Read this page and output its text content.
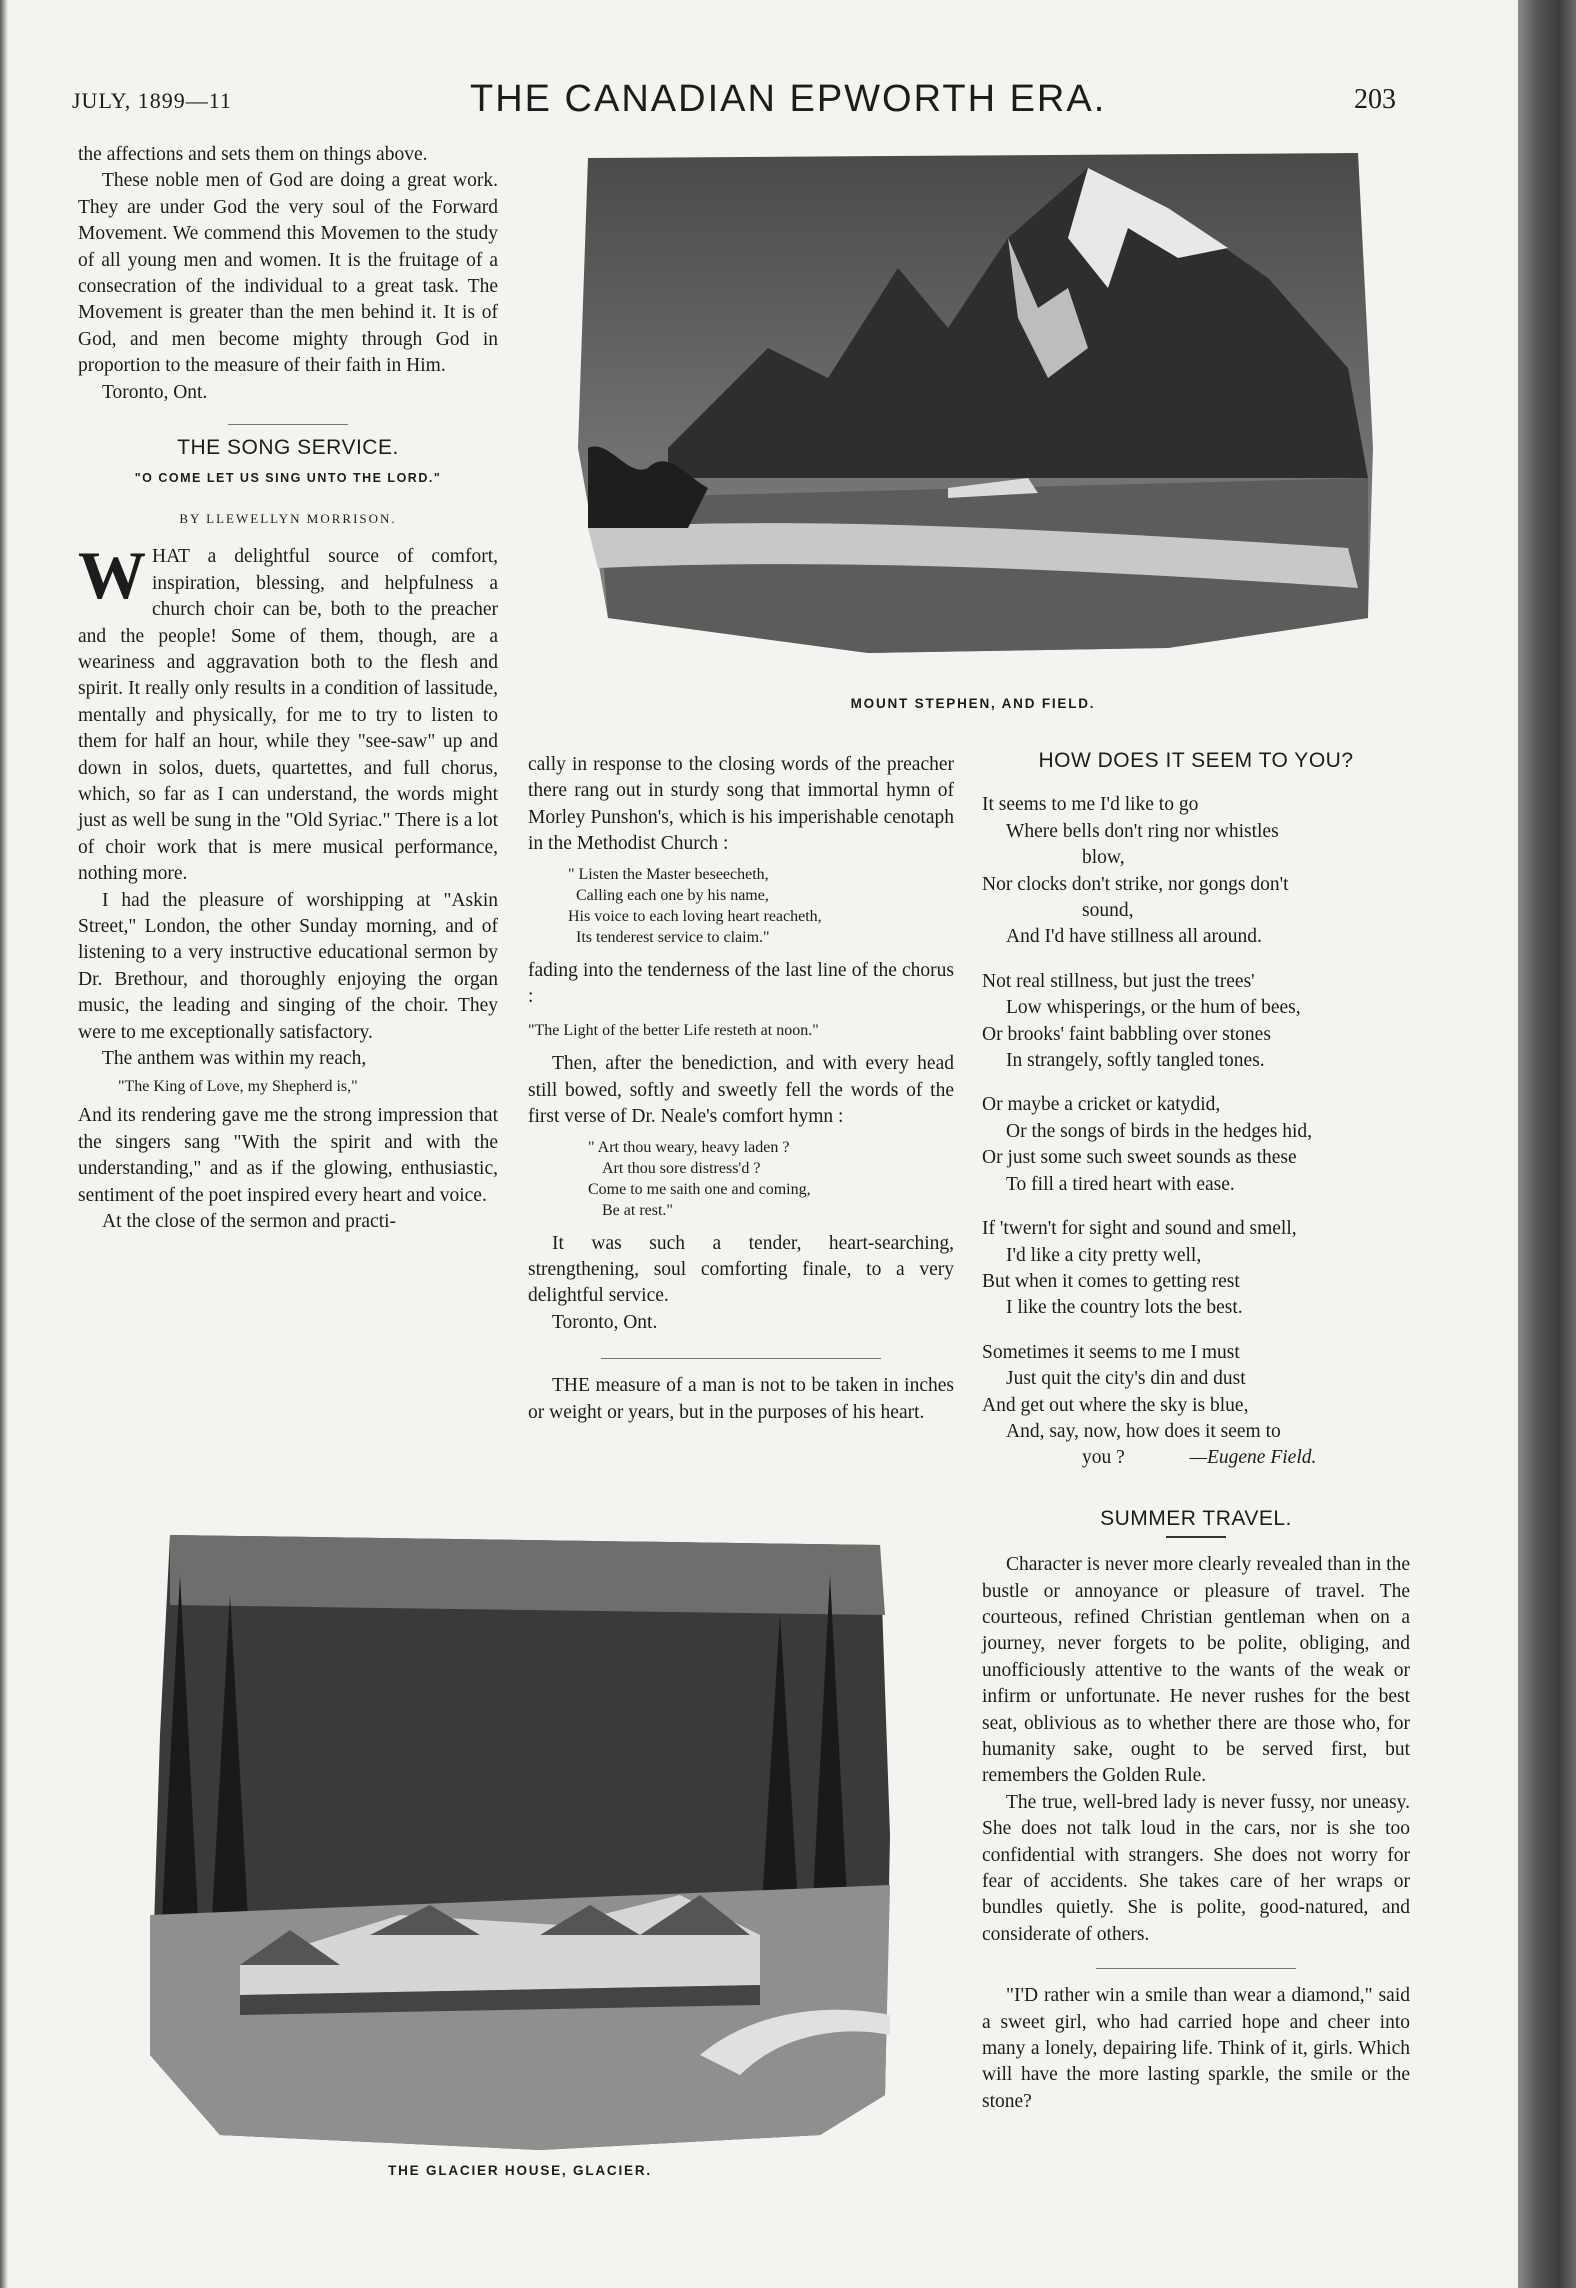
JULY, 1899—11	THE CANADIAN EPWORTH ERA.	203

the affections and sets them on things above.

These noble men of God are doing a great work. They are under God the very soul of the Forward Movement. We commend this Movemen to the study of all young men and women. It is the fruitage of a consecration of the individual to a great task. The Movement is greater than the men behind it. It is of God, and men become mighty through God in proportion to the measure of their faith in Him.

Toronto, Ont.

THE SONG SERVICE.
"O COME LET US SING UNTO THE LORD."
BY LLEWELLYN MORRISON.

WHAT a delightful source of comfort, inspiration, blessing, and helpfulness a church choir can be, both to the preacher and the people! Some of them, though, are a weariness and aggravation both to the flesh and spirit. It really only results in a condition of lassitude, mentally and physically, for me to try to listen to them for half an hour, while they "see-saw" up and down in solos, duets, quartettes, and full chorus, which, so far as I can understand, the words might just as well be sung in the "Old Syriac." There is a lot of choir work that is mere musical performance, nothing more.

I had the pleasure of worshipping at "Askin Street," London, the other Sunday morning, and of listening to a very instructive educational sermon by Dr. Brethour, and thoroughly enjoying the organ music, the leading and singing of the choir. They were to me exceptionally satisfactory.

The anthem was within my reach,

"The King of Love, my Shepherd is,"

And its rendering gave me the strong impression that the singers sang "With the spirit and with the understanding," and as if the glowing, enthusiastic, sentiment of the poet inspired every heart and voice.

At the close of the sermon and practi-

MOUNT STEPHEN, AND FIELD.

cally in response to the closing words of the preacher there rang out in sturdy song that immortal hymn of Morley Punshon's, which is his imperishable cenotaph in the Methodist Church :

" Listen the Master beseecheth,
Calling each one by his name,
His voice to each loving heart reacheth,
Its tenderest service to claim."

fading into the tenderness of the last line of the chorus :

"The Light of the better Life resteth at noon."

Then, after the benediction, and with every head still bowed, softly and sweetly fell the words of the first verse of Dr. Neale's comfort hymn :

" Art thou weary, heavy laden ?
Art thou sore distress'd ?
Come to me saith one and coming,
Be at rest."

It was such a tender, heart-searching, strengthening, soul comforting finale, to a very delightful service.

Toronto, Ont.

THE measure of a man is not to be taken in inches or weight or years, but in the purposes of his heart.

HOW DOES IT SEEM TO YOU?
It seems to me I'd like to go
Where bells don't ring nor whistles
blow,
Nor clocks don't strike, nor gongs don't
sound,
And I'd have stillness all around.
Not real stillness, but just the trees'
Low whisperings, or the hum of bees,
Or brooks' faint babbling over stones
In strangely, softly tangled tones.
Or maybe a cricket or katydid,
Or the songs of birds in the hedges hid,
Or just some such sweet sounds as these
To fill a tired heart with ease.
If 'twern't for sight and sound and smell,
I'd like a city pretty well,
But when it comes to getting rest
I like the country lots the best.
Sometimes it seems to me I must
Just quit the city's din and dust
And get out where the sky is blue,
And, say, now, how does it seem to
you ?	—Eugene Field.
SUMMER TRAVEL.

Character is never more clearly revealed than in the bustle or annoyance or pleasure of travel. The courteous, refined Christian gentleman when on a journey, never forgets to be polite, obliging, and unofficiously attentive to the wants of the weak or infirm or unfortunate. He never rushes for the best seat, oblivious as to whether there are those who, for humanity sake, ought to be served first, but remembers the Golden Rule.

The true, well-bred lady is never fussy, nor uneasy. She does not talk loud in the cars, nor is she too confidential with strangers. She does not worry for fear of accidents. She takes care of her wraps or bundles quietly. She is polite, good-natured, and considerate of others.

"I'D rather win a smile than wear a diamond," said a sweet girl, who had carried hope and cheer into many a lonely, depairing life. Think of it, girls. Which will have the more lasting sparkle, the smile or the stone?

THE GLACIER HOUSE, GLACIER.
